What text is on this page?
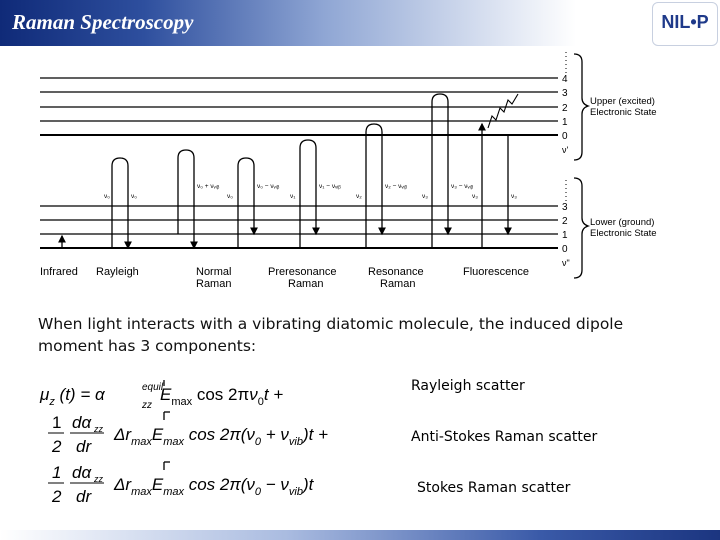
Raman Spectroscopy	NIL•P
4
3
2
1
0
ν'
3
2
1
0
ν"
Upper (excited)
Electronic State
Lower (ground)
Electronic State
ν₀	ν₀
ν₀ + νᵥᵢᵦ
ν₀
ν₀ − νᵥᵢᵦ
ν₁
ν₁ − νᵥᵢᵦ
ν₂
ν₂ − νᵥᵢᵦ
ν₃
ν₃ − νᵥᵢᵦ
ν₃	ν₃
Infrared Rayleigh	Normal
Raman
Preresonance
Raman
Resonance
Raman
Fluorescence
When light interacts with a vibrating diatomic molecule, the induced dipole moment has 3 components:
$\mu_z$ (t) = α	equil
zz
$E_{max}$ $\cos 2\pi\nu_0t$ +
1
2
dα zz
dr
$\Delta r_{max}E_{max}$ $\cos 2\pi(\nu_0 + \nu_{vib})t$ +
1
2
dα zz
dr
$\Delta r_{max}E_{max}$ $\cos 2\pi(\nu_0 - \nu_{vib})t$
Rayleigh scatter
Anti-Stokes Raman scatter
Stokes Raman scatter
